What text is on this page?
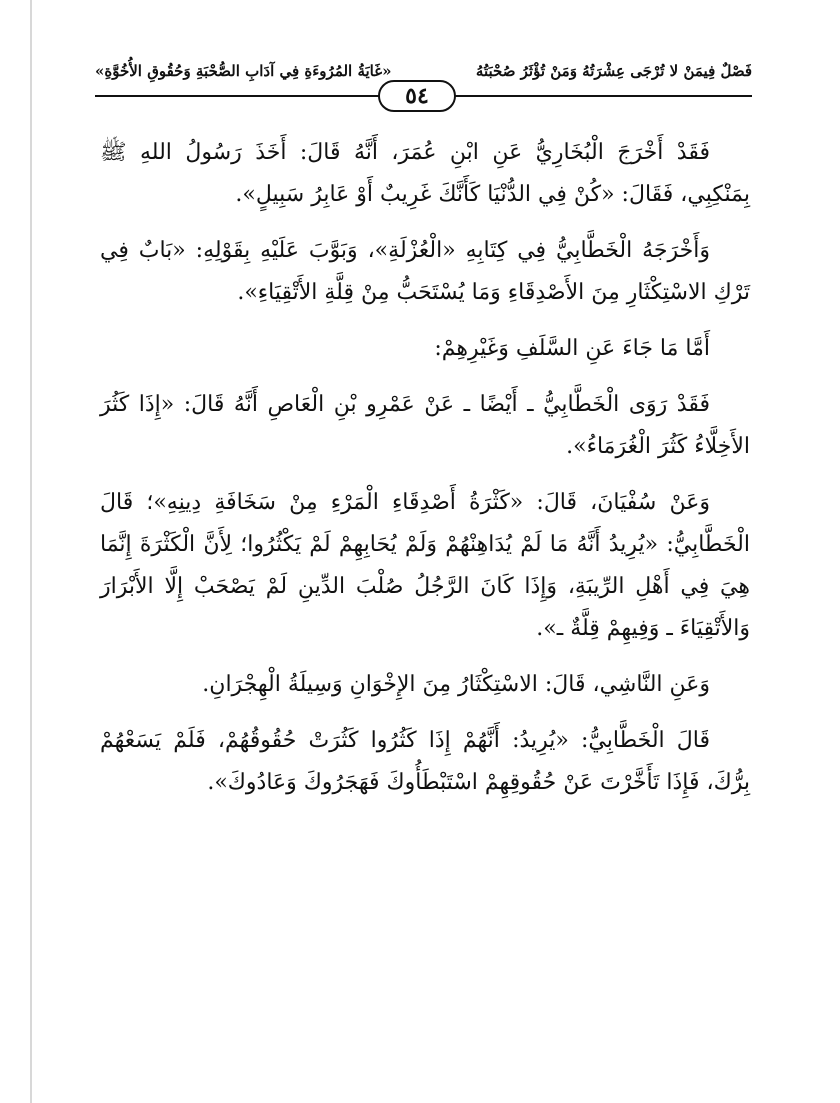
فَصْلٌ فِيمَنْ لا تُرْجَى عِشْرَتُهُ وَمَنْ تُؤْثَرُ صُحْبَتُهُ
«غَايَةُ المُرُوءَةِ فِي آدَابِ الصُّحْبَةِ وَحُقُوقِ الأُخُوَّةِ»
٥٤

فَقَدْ أَخْرَجَ الْبُخَارِيُّ عَنِ ابْنِ عُمَرَ، أَنَّهُ قَالَ: أَخَذَ رَسُولُ اللهِ ﷺ بِمَنْكِبِي، فَقَالَ: «كُنْ فِي الدُّنْيَا كَأَنَّكَ غَرِيبٌ أَوْ عَابِرُ سَبِيلٍ».

وَأَخْرَجَهُ الْخَطَّابِيُّ فِي كِتَابِهِ «الْعُزْلَةِ»، وَبَوَّبَ عَلَيْهِ بِقَوْلِهِ: «بَابٌ فِي تَرْكِ الاسْتِكْثَارِ مِنَ الأَصْدِقَاءِ وَمَا يُسْتَحَبُّ مِنْ قِلَّةِ الأَتْقِيَاءِ».

أَمَّا مَا جَاءَ عَنِ السَّلَفِ وَغَيْرِهِمْ:

فَقَدْ رَوَى الْخَطَّابِيُّ ـ أَيْضًا ـ عَنْ عَمْرِو بْنِ الْعَاصِ أَنَّهُ قَالَ: «إِذَا كَثُرَ الأَخِلَّاءُ كَثُرَ الْغُرَمَاءُ».

وَعَنْ سُفْيَانَ، قَالَ: «كَثْرَةُ أَصْدِقَاءِ الْمَرْءِ مِنْ سَخَافَةِ دِينِهِ»؛ قَالَ الْخَطَّابِيُّ: «يُرِيدُ أَنَّهُ مَا لَمْ يُدَاهِنْهُمْ وَلَمْ يُحَابِهِمْ لَمْ يَكْثُرُوا؛ لِأَنَّ الْكَثْرَةَ إِنَّمَا هِيَ فِي أَهْلِ الرِّيبَةِ، وَإِذَا كَانَ الرَّجُلُ صُلْبَ الدِّينِ لَمْ يَصْحَبْ إِلَّا الأَبْرَارَ وَالأَتْقِيَاءَ ـ وَفِيهِمْ قِلَّةٌ ـ».

وَعَنِ النَّاشِي، قَالَ: الاسْتِكْثَارُ مِنَ الإِخْوَانِ وَسِيلَةُ الْهِجْرَانِ.

قَالَ الْخَطَّابِيُّ: «يُرِيدُ: أَنَّهُمْ إِذَا كَثُرُوا كَثُرَتْ حُقُوقُهُمْ، فَلَمْ يَسَعْهُمْ بِرُّكَ، فَإِذَا تَأَخَّرْتَ عَنْ حُقُوقِهِمْ اسْتَبْطَأُوكَ فَهَجَرُوكَ وَعَادُوكَ».
